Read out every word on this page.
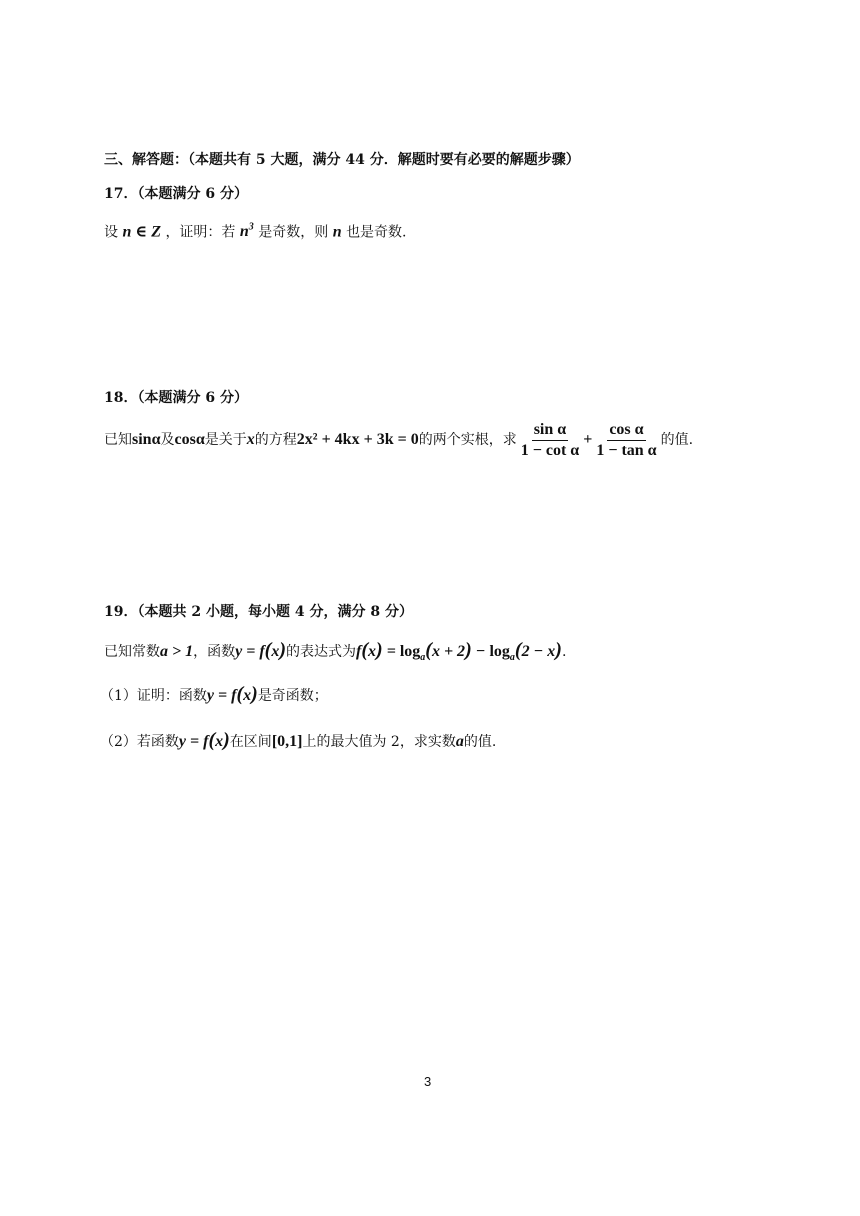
三、解答题：（本题共有 5 大题，满分 44 分．解题时要有必要的解题步骤）
17．（本题满分 6 分）
设 n ∈ Z ，证明：若 $n^3$ 是奇数，则 n 也是奇数.
18．（本题满分 6 分）
已知sinα及cosα是关于x的方程2x² + 4kx + 3k = 0的两个实根，求 $\frac{\text{sin α}}{\text{1 − cot α}} + \frac{\text{cos α}}{\text{1 − tan α}}$ 的值.
19．（本题共 2 小题，每小题 4 分，满分 8 分）
已知常数a > 1，函数y = f(x)的表达式为$f(x) = \log_a(x + 2) - \log_a(2 - x)$.
（1）证明：函数y = f(x)是奇函数；
（2）若函数y = f(x)在区间[0,1]上的最大值为 2，求实数a的值.
3
